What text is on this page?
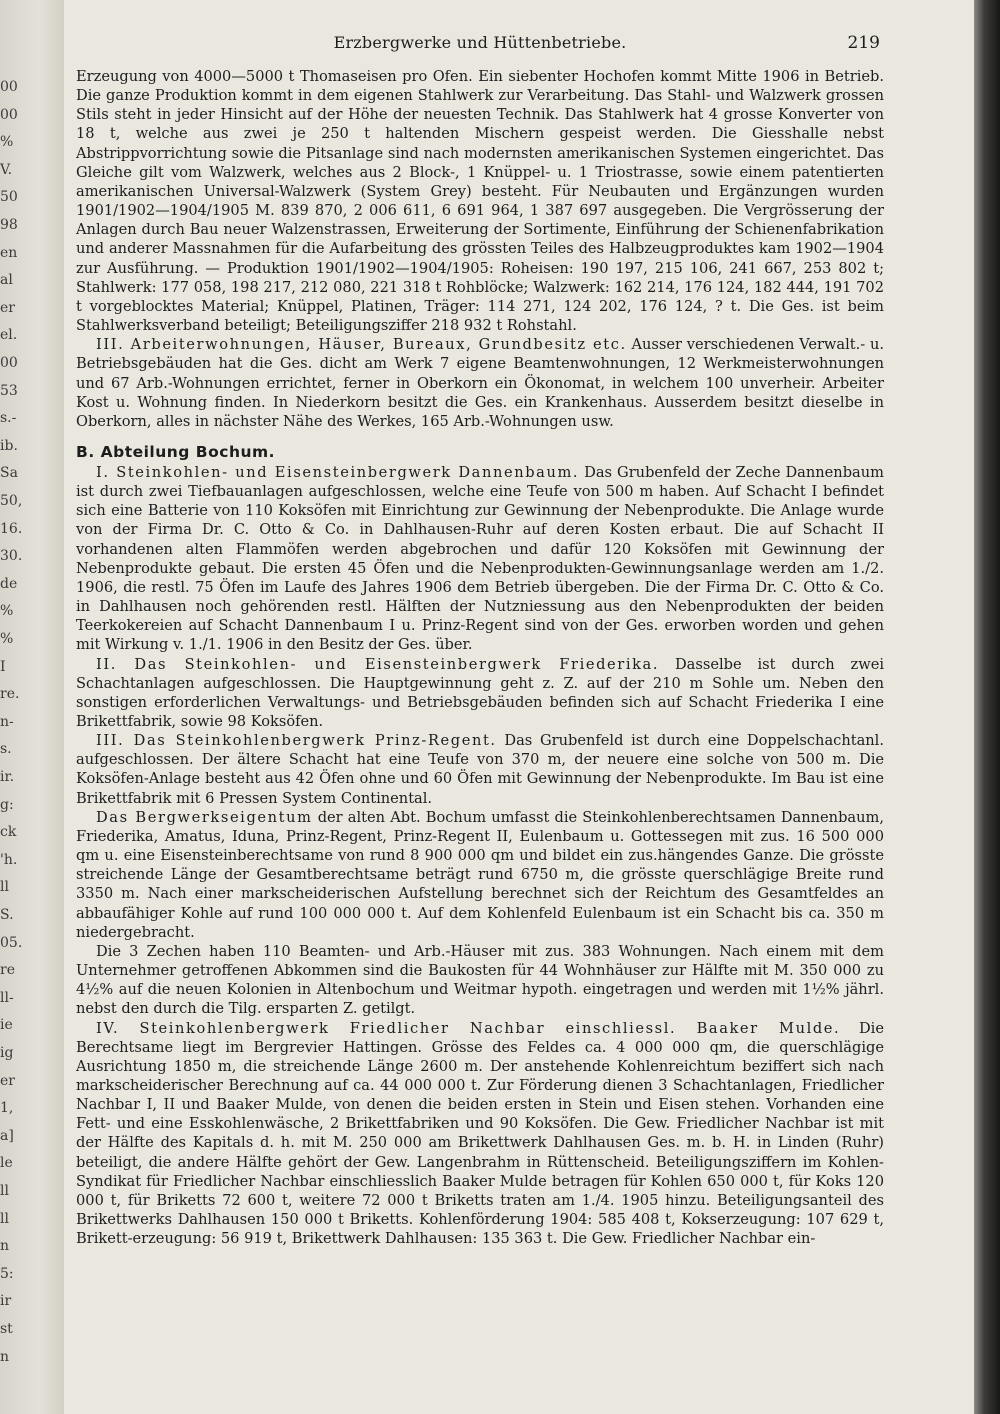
00
00
%
V.
50
98
en
al
er
el.
00
53
s.-
ib.
Sa
50,
16.
30.
de
%
%
I
re.
n-
s.
ir.
g:
ck
'h.
ll
S.
05.
re
ll-
ie
ig
er
1,
a]
le
ll
ll
n
5:
ir
st
n
Erzbergwerke und Hüttenbetriebe.	219

Erzeugung von 4000—5000 t Thomaseisen pro Ofen. Ein siebenter Hochofen kommt Mitte 1906 in Betrieb. Die ganze Produktion kommt in dem eigenen Stahlwerk zur Verarbeitung. Das Stahl- und Walzwerk grossen Stils steht in jeder Hinsicht auf der Höhe der neuesten Technik. Das Stahlwerk hat 4 grosse Konverter von 18 t, welche aus zwei je 250 t haltenden Mischern gespeist werden. Die Giesshalle nebst Abstrippvorrichtung sowie die Pitsanlage sind nach modernsten amerikanischen Systemen eingerichtet. Das Gleiche gilt vom Walzwerk, welches aus 2 Block-, 1 Knüppel- u. 1 Triostrasse, sowie einem patentierten amerikanischen Universal-Walzwerk (System Grey) besteht. Für Neubauten und Ergänzungen wurden 1901/1902—1904/1905 M. 839 870, 2 006 611, 6 691 964, 1 387 697 ausgegeben. Die Vergrösserung der Anlagen durch Bau neuer Walzenstrassen, Erweiterung der Sortimente, Einführung der Schienenfabrikation und anderer Massnahmen für die Aufarbeitung des grössten Teiles des Halbzeugproduktes kam 1902—1904 zur Ausführung. — Produktion 1901/1902—1904/1905: Roheisen: 190 197, 215 106, 241 667, 253 802 t; Stahlwerk: 177 058, 198 217, 212 080, 221 318 t Rohblöcke; Walzwerk: 162 214, 176 124, 182 444, 191 702 t vorgeblocktes Material; Knüppel, Platinen, Träger: 114 271, 124 202, 176 124, ? t. Die Ges. ist beim Stahlwerksverband beteiligt; Beteiligungsziffer 218 932 t Rohstahl.

III. Arbeiterwohnungen, Häuser, Bureaux, Grundbesitz etc. Ausser verschiedenen Verwalt.- u. Betriebsgebäuden hat die Ges. dicht am Werk 7 eigene Beamtenwohnungen, 12 Werkmeisterwohnungen und 67 Arb.-Wohnungen errichtet, ferner in Oberkorn ein Ökonomat, in welchem 100 unverheir. Arbeiter Kost u. Wohnung finden. In Niederkorn besitzt die Ges. ein Krankenhaus. Ausserdem besitzt dieselbe in Oberkorn, alles in nächster Nähe des Werkes, 165 Arb.-Wohnungen usw.

B. Abteilung Bochum.

I. Steinkohlen- und Eisensteinbergwerk Dannenbaum. Das Grubenfeld der Zeche Dannenbaum ist durch zwei Tiefbauanlagen aufgeschlossen, welche eine Teufe von 500 m haben. Auf Schacht I befindet sich eine Batterie von 110 Koksöfen mit Einrichtung zur Gewinnung der Nebenprodukte. Die Anlage wurde von der Firma Dr. C. Otto & Co. in Dahlhausen-Ruhr auf deren Kosten erbaut. Die auf Schacht II vorhandenen alten Flammöfen werden abgebrochen und dafür 120 Koksöfen mit Gewinnung der Nebenprodukte gebaut. Die ersten 45 Öfen und die Nebenprodukten-Gewinnungsanlage werden am 1./2. 1906, die restl. 75 Öfen im Laufe des Jahres 1906 dem Betrieb übergeben. Die der Firma Dr. C. Otto & Co. in Dahlhausen noch gehörenden restl. Hälften der Nutzniessung aus den Nebenprodukten der beiden Teerkokereien auf Schacht Dannenbaum I u. Prinz-Regent sind von der Ges. erworben worden und gehen mit Wirkung v. 1./1. 1906 in den Besitz der Ges. über.

II. Das Steinkohlen- und Eisensteinbergwerk Friederika. Dasselbe ist durch zwei Schachtanlagen aufgeschlossen. Die Hauptgewinnung geht z. Z. auf der 210 m Sohle um. Neben den sonstigen erforderlichen Verwaltungs- und Betriebsgebäuden befinden sich auf Schacht Friederika I eine Brikettfabrik, sowie 98 Koksöfen.

III. Das Steinkohlenbergwerk Prinz-Regent. Das Grubenfeld ist durch eine Doppelschachtanl. aufgeschlossen. Der ältere Schacht hat eine Teufe von 370 m, der neuere eine solche von 500 m. Die Koksöfen-Anlage besteht aus 42 Öfen ohne und 60 Öfen mit Gewinnung der Nebenprodukte. Im Bau ist eine Brikettfabrik mit 6 Pressen System Continental.

Das Bergwerkseigentum der alten Abt. Bochum umfasst die Steinkohlenberechtsamen Dannenbaum, Friederika, Amatus, Iduna, Prinz-Regent, Prinz-Regent II, Eulenbaum u. Gottessegen mit zus. 16 500 000 qm u. eine Eisensteinberechtsame von rund 8 900 000 qm und bildet ein zus.hängendes Ganze. Die grösste streichende Länge der Gesamtberechtsame beträgt rund 6750 m, die grösste querschlägige Breite rund 3350 m. Nach einer markscheiderischen Aufstellung berechnet sich der Reichtum des Gesamtfeldes an abbaufähiger Kohle auf rund 100 000 000 t. Auf dem Kohlenfeld Eulenbaum ist ein Schacht bis ca. 350 m niedergebracht.

Die 3 Zechen haben 110 Beamten- und Arb.-Häuser mit zus. 383 Wohnungen. Nach einem mit dem Unternehmer getroffenen Abkommen sind die Baukosten für 44 Wohnhäuser zur Hälfte mit M. 350 000 zu 4½% auf die neuen Kolonien in Altenbochum und Weitmar hypoth. eingetragen und werden mit 1½% jährl. nebst den durch die Tilg. ersparten Z. getilgt.

IV. Steinkohlenbergwerk Friedlicher Nachbar einschliessl. Baaker Mulde. Die Berechtsame liegt im Bergrevier Hattingen. Grösse des Feldes ca. 4 000 000 qm, die querschlägige Ausrichtung 1850 m, die streichende Länge 2600 m. Der anstehende Kohlenreichtum beziffert sich nach markscheiderischer Berechnung auf ca. 44 000 000 t. Zur Förderung dienen 3 Schachtanlagen, Friedlicher Nachbar I, II und Baaker Mulde, von denen die beiden ersten in Stein und Eisen stehen. Vorhanden eine Fett- und eine Esskohlenwäsche, 2 Brikettfabriken und 90 Koksöfen. Die Gew. Friedlicher Nachbar ist mit der Hälfte des Kapitals d. h. mit M. 250 000 am Brikettwerk Dahlhausen Ges. m. b. H. in Linden (Ruhr) beteiligt, die andere Hälfte gehört der Gew. Langenbrahm in Rüttenscheid. Beteiligungsziffern im Kohlen-Syndikat für Friedlicher Nachbar einschliesslich Baaker Mulde betragen für Kohlen 650 000 t, für Koks 120 000 t, für Briketts 72 600 t, weitere 72 000 t Briketts traten am 1./4. 1905 hinzu. Beteiligungsanteil des Brikettwerks Dahlhausen 150 000 t Briketts. Kohlenförderung 1904: 585 408 t, Kokserzeugung: 107 629 t, Brikett-erzeugung: 56 919 t, Brikettwerk Dahlhausen: 135 363 t. Die Gew. Friedlicher Nachbar ein-
